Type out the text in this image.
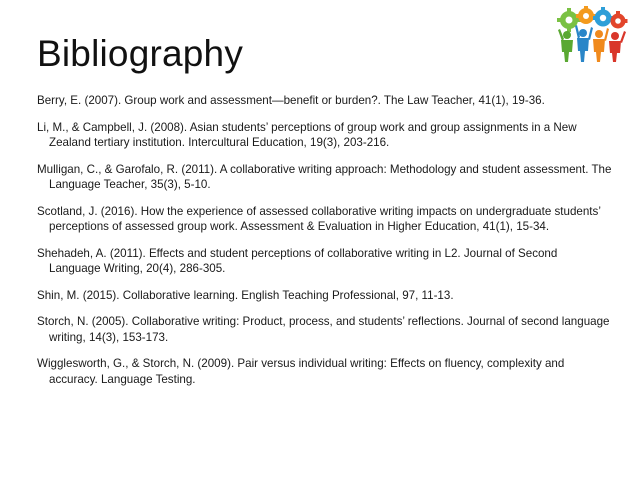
Bibliography
Berry, E. (2007). Group work and assessment—benefit or burden?. The Law Teacher, 41(1), 19-36.
Li, M., & Campbell, J. (2008). Asian students’ perceptions of group work and group assignments in a New Zealand tertiary institution. Intercultural Education, 19(3), 203-216.
Mulligan, C., & Garofalo, R. (2011). A collaborative writing approach: Methodology and student assessment. The Language Teacher, 35(3), 5-10.
Scotland, J. (2016). How the experience of assessed collaborative writing impacts on undergraduate students’ perceptions of assessed group work. Assessment & Evaluation in Higher Education, 41(1), 15-34.
Shehadeh, A. (2011). Effects and student perceptions of collaborative writing in L2. Journal of Second Language Writing, 20(4), 286-305.
Shin, M. (2015). Collaborative learning. English Teaching Professional, 97, 11-13.
Storch, N. (2005). Collaborative writing: Product, process, and students’ reflections. Journal of second language writing, 14(3), 153-173.
Wigglesworth, G., & Storch, N. (2009). Pair versus individual writing: Effects on fluency, complexity and accuracy. Language Testing.
